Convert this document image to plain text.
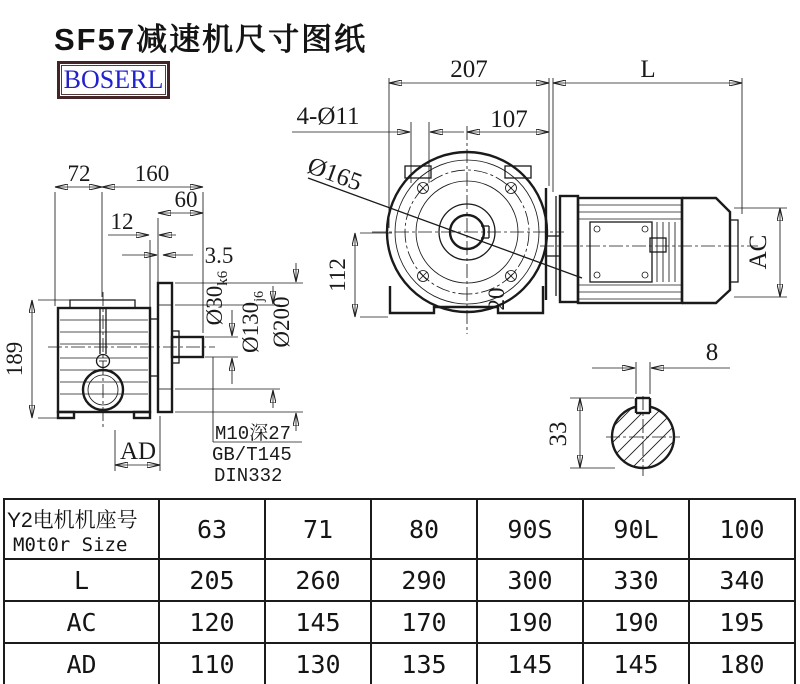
SF57减速机尺寸图纸
BOSERL
72 160
60
12
3.5
189
AD
$Ø30_{k6}$
$Ø130_{j6}$ Ø200
M10深27
GB/T145
DIN332
20
207	L
107
4-Ø11
Ø165
112
AC
8
33
Y2电机机座号
M0t0r Size	63	71	80	90S	90L	100
L	205	260	290	300	330	340
AC	120	145	170	190	190	195
AD	110	130	135	145	145	180
